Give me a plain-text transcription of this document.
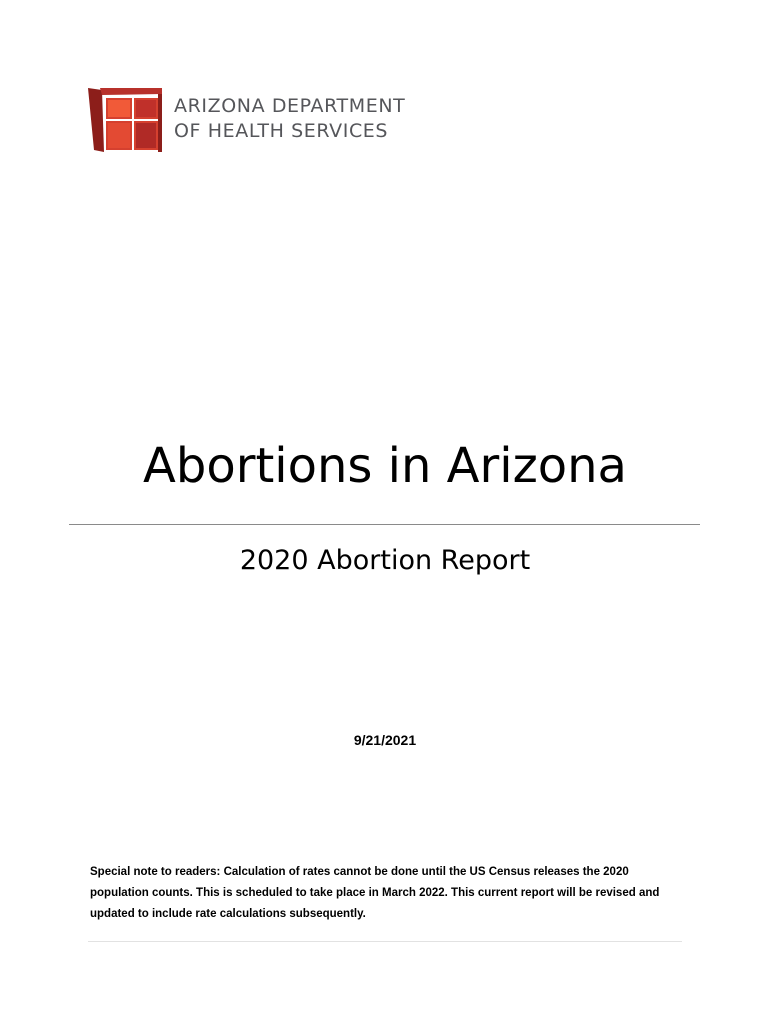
ARIZONA DEPARTMENT
OF HEALTH SERVICES
Abortions in Arizona
2020 Abortion Report
9/21/2021
Special note to readers: Calculation of rates cannot be done until the US Census releases the 2020 population counts. This is scheduled to take place in March 2022. This current report will be revised and updated to include rate calculations subsequently.
